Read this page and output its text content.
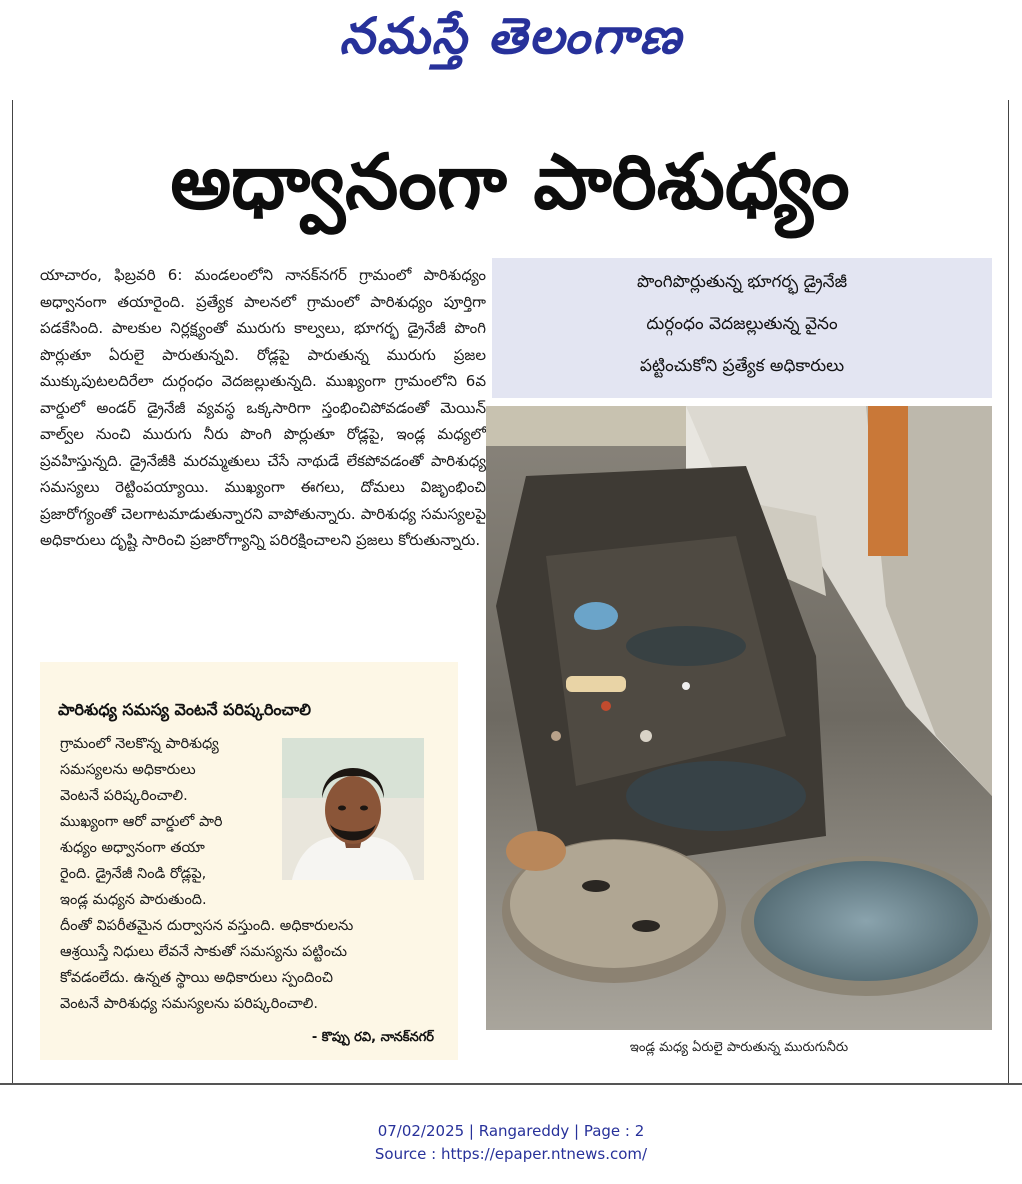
నమస్తే తెలంగాణ
అధ్వానంగా పారిశుధ్యం
యాచారం, ఫిబ్రవరి 6: మండలంలోని నానక్‌నగర్ గ్రామంలో పారిశుధ్యం అధ్వానంగా తయారైంది. ప్రత్యేక పాలనలో గ్రామంలో పారిశుధ్యం పూర్తిగా పడకేసింది. పాలకుల నిర్లక్ష్యంతో మురుగు కాల్వలు, భూగర్భ డ్రైనేజీ పొంగి పొర్లుతూ ఏరులై పారుతున్నవి. రోడ్లపై పారుతున్న మురుగు ప్రజల ముక్కుపుటలదిరేలా దుర్గంధం వెదజల్లుతున్నది. ముఖ్యంగా గ్రామంలోని 6వ వార్డులో అండర్ డ్రైనేజీ వ్యవస్థ ఒక్కసారిగా స్తంభించిపోవడంతో మెయిన్ వాల్వ్‌ల నుంచి మురుగు నీరు పొంగి పొర్లుతూ రోడ్లపై, ఇండ్ల మధ్యలో ప్రవహిస్తున్నది. డ్రైనేజీకి మరమ్మతులు చేసే నాథుడే లేకపోవడంతో పారిశుధ్య సమస్యలు రెట్టింపయ్యాయి. ముఖ్యంగా ఈగలు, దోమలు విజృంభించి ప్రజారోగ్యంతో చెలగాటమాడుతున్నారని వాపోతున్నారు. పారిశుధ్య సమస్యలపై అధికారులు దృష్టి సారించి ప్రజారోగ్యాన్ని పరిరక్షించాలని ప్రజలు కోరుతున్నారు.
పొంగిపొర్లుతున్న భూగర్భ డ్రైనేజీ
దుర్గంధం వెదజల్లుతున్న వైనం
పట్టించుకోని ప్రత్యేక అధికారులు
ఇండ్ల మధ్య ఏరులై పారుతున్న మురుగునీరు
పారిశుధ్య సమస్య వెంటనే పరిష్కరించాలి
గ్రామంలో నెలకొన్న పారిశుధ్య
సమస్యలను అధికారులు
వెంటనే పరిష్కరించాలి.
ముఖ్యంగా ఆరో వార్డులో పారి
శుధ్యం అధ్వానంగా తయా
రైంది. డ్రైనేజీ నిండి రోడ్లపై,
ఇండ్ల మధ్యన పారుతుంది.
దీంతో విపరీతమైన దుర్వాసన వస్తుంది. అధికారులను
ఆశ్రయిస్తే నిధులు లేవనే సాకుతో సమస్యను పట్టించు
కోవడంలేదు. ఉన్నత స్థాయి అధికారులు స్పందించి
వెంటనే పారిశుధ్య సమస్యలను పరిష్కరించాలి.
- కొప్పు రవి, నానక్‌నగర్
07/02/2025 | Rangareddy | Page : 2
Source : https://epaper.ntnews.com/
